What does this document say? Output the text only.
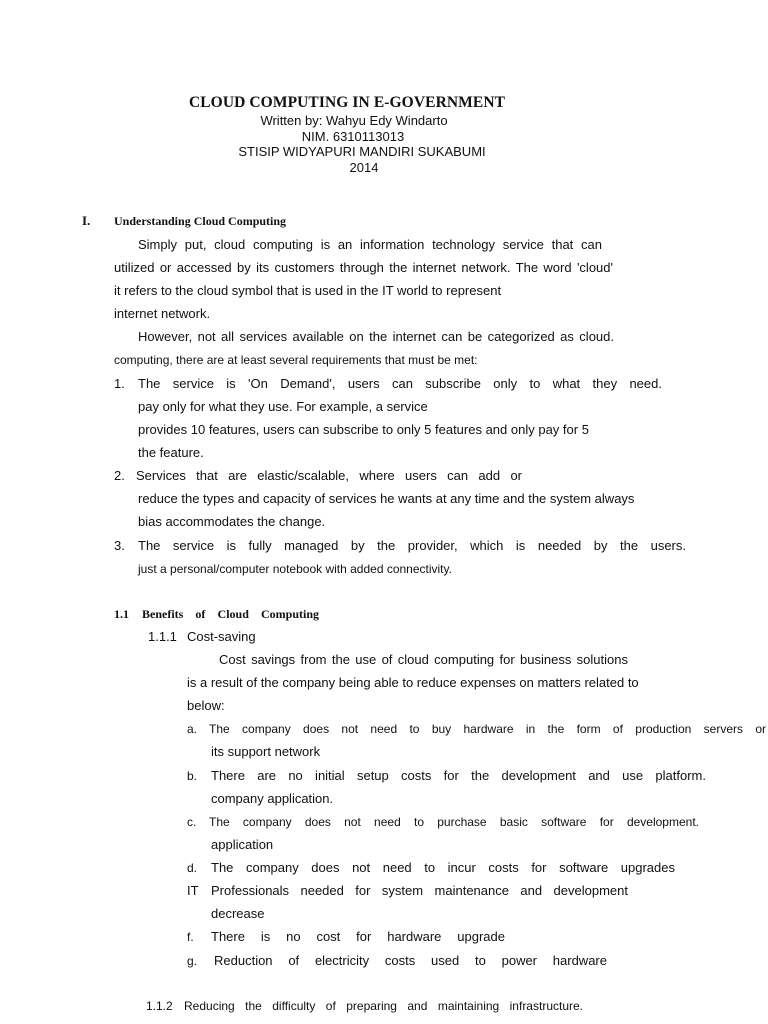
CLOUD COMPUTING IN E-GOVERNMENT
Written by: Wahyu Edy Windarto
NIM. 6310113013
STISIP WIDYAPURI MANDIRI SUKABUMI
2014
I. Understanding Cloud Computing
Simply put, cloud computing is an information technology service that can
utilized or accessed by its customers through the internet network. The word 'cloud'
it refers to the cloud symbol that is used in the IT world to represent
internet network.
However, not all services available on the internet can be categorized as cloud.
computing, there are at least several requirements that must be met:
1. The service is 'On Demand', users can subscribe only to what they need.
pay only for what they use. For example, a service
provides 10 features, users can subscribe to only 5 features and only pay for 5
the feature.
2. Services that are elastic/scalable, where users can add or
reduce the types and capacity of services he wants at any time and the system always
bias accommodates the change.
3. The service is fully managed by the provider, which is needed by the users.
just a personal/computer notebook with added connectivity.
1.1 Benefits of Cloud Computing
1.1.1 Cost-saving
Cost savings from the use of cloud computing for business solutions
is a result of the company being able to reduce expenses on matters related to
below:
a. The company does not need to buy hardware in the form of production servers or
its support network
b. There are no initial setup costs for the development and use platform.
company application.
c. The company does not need to purchase basic software for development.
application
d. The company does not need to incur costs for software upgrades
IT Professionals needed for system maintenance and development
decrease
f. There is no cost for hardware upgrade
g. Reduction of electricity costs used to power hardware
1.1.2 Reducing the difficulty of preparing and maintaining infrastructure.
